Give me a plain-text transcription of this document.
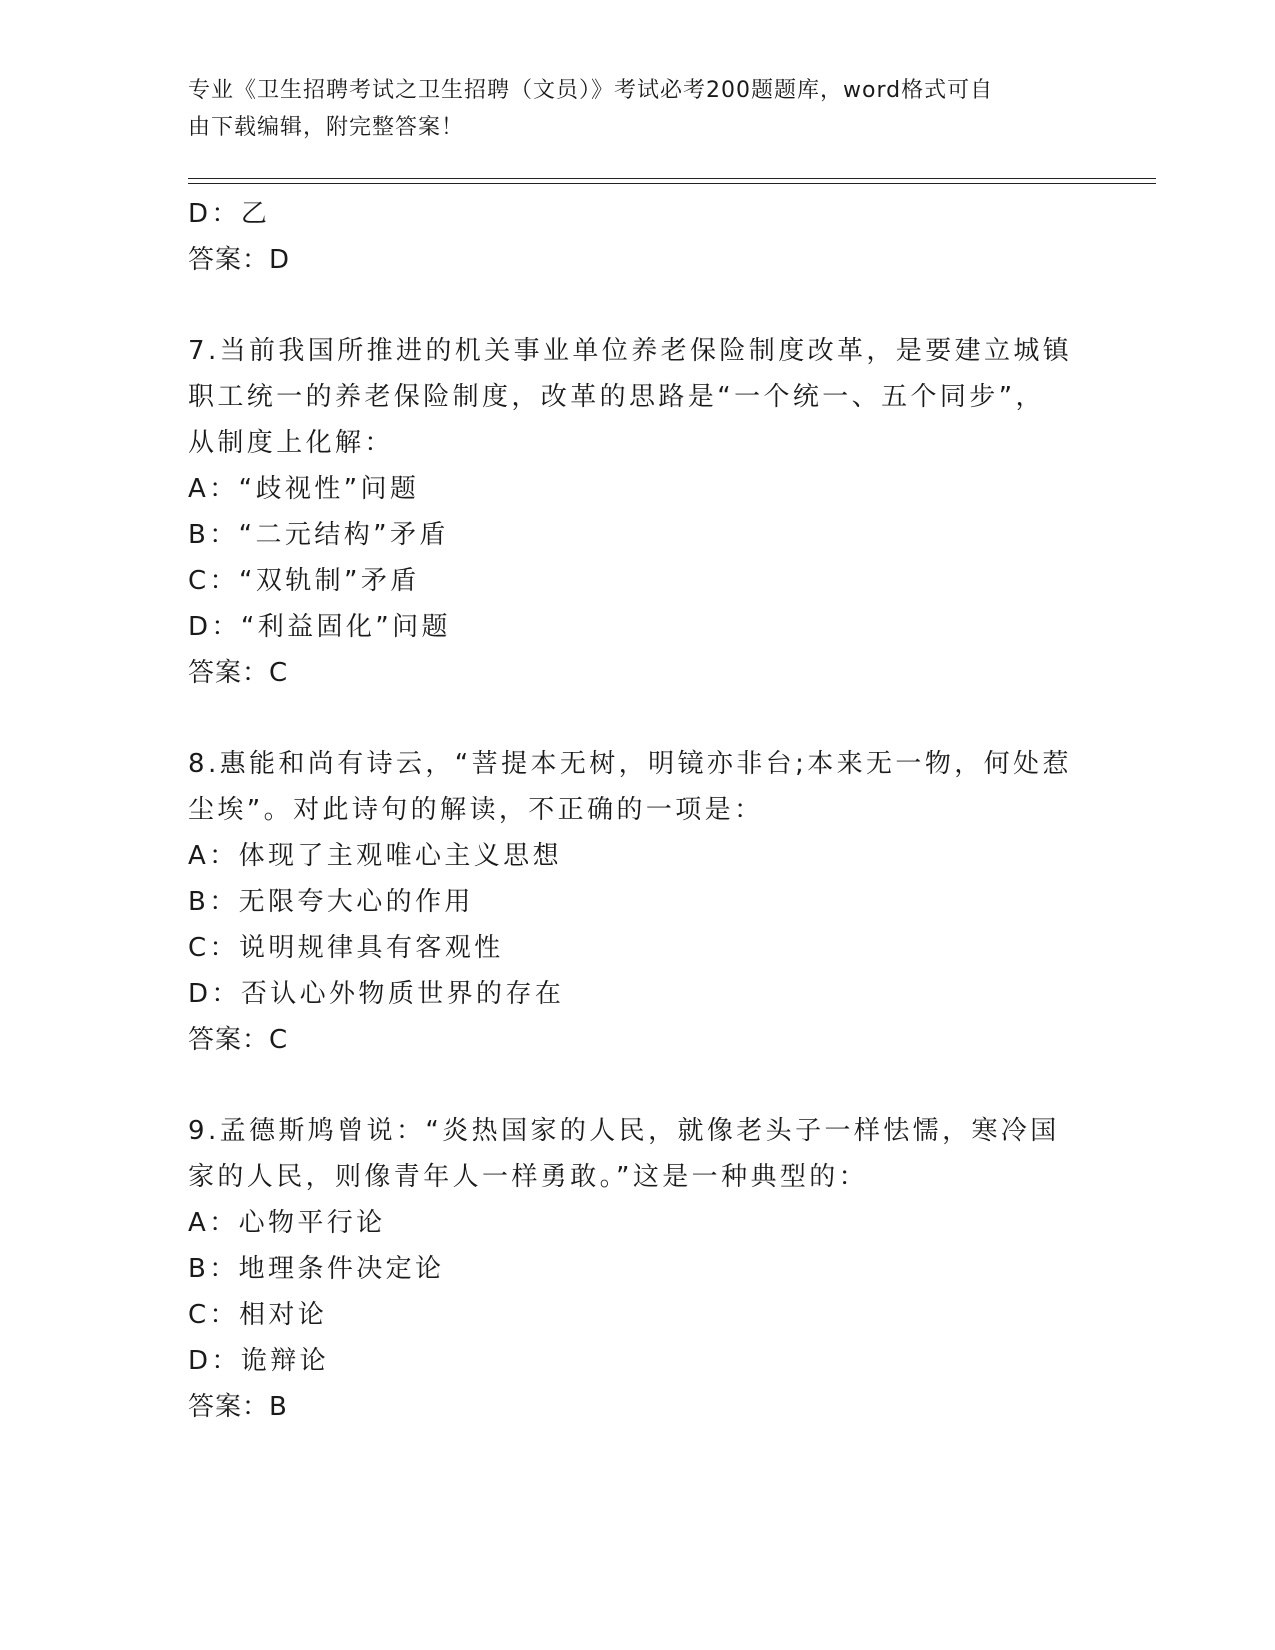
专业《卫生招聘考试之卫生招聘（文员）》考试必考200题题库，word格式可自
由下载编辑，附完整答案！
D：乙
答案：D
7.当前我国所推进的机关事业单位养老保险制度改革，是要建立城镇
职工统一的养老保险制度，改革的思路是“一个统一、五个同步”，
从制度上化解：
A：“歧视性”问题
B：“二元结构”矛盾
C：“双轨制”矛盾
D：“利益固化”问题
答案：C
8.惠能和尚有诗云，“菩提本无树，明镜亦非台;本来无一物，何处惹
尘埃”。对此诗句的解读，不正确的一项是：
A：体现了主观唯心主义思想
B：无限夸大心的作用
C：说明规律具有客观性
D：否认心外物质世界的存在
答案：C
9.孟德斯鸠曾说：“炎热国家的人民，就像老头子一样怯懦，寒冷国
家的人民，则像青年人一样勇敢。”这是一种典型的：
A：心物平行论
B：地理条件决定论
C：相对论
D：诡辩论
答案：B
